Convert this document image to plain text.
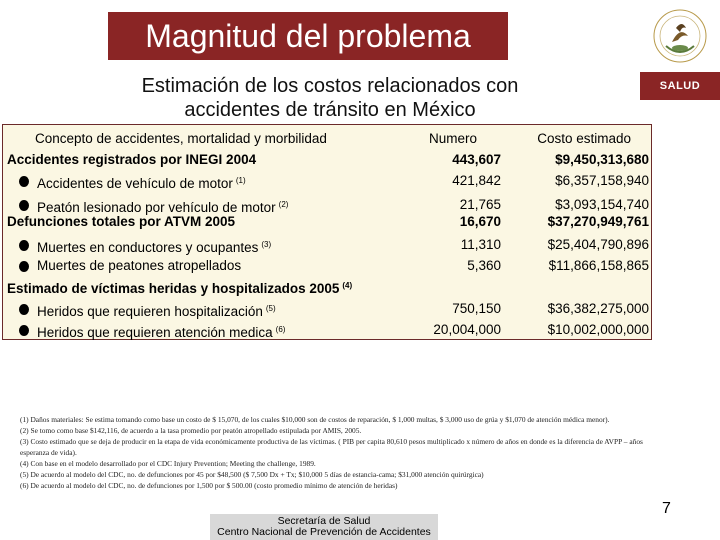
SALUD
Magnitud del problema
Estimación de los costos relacionados con
accidentes de tránsito en México
Concepto de accidentes, mortalidad y morbilidad	Numero	Costo estimado
Accidentes registrados por INEGI 2004	443,607	$9,450,313,680
Accidentes de vehículo de motor $^{(1)}$	421,842	$6,357,158,940
Peatón lesionado por vehículo de motor $^{(2)}$	21,765	$3,093,154,740
Defunciones totales por ATVM 2005	16,670	$37,270,949,761
Muertes en conductores y ocupantes $^{(3)}$	11,310	$25,404,790,896
Muertes de peatones atropellados	5,360	$11,866,158,865
Estimado de víctimas heridas y hospitalizados 2005 $^{(4)}$
Heridos que requieren hospitalización $^{(5)}$	750,150	$36,382,275,000
Heridos que requieren atención medica $^{(6)}$	20,004,000	$10,002,000,000

(1) Daños materiales: Se estima tomando como base un costo de $ 15,070, de los cuales $10,000 son de costos de reparación, $ 1,000 multas, $ 3,000 uso de grúa y $1,070 de atención médica menor).

(2) Se tomo como base $142,116, de acuerdo a la tasa promedio por peatón atropellado estipulada por AMIS, 2005.

(3) Costo estimado que se deja de producir en la etapa de vida económicamente productiva de las víctimas. ( PIB per capita 80,610 pesos multiplicado x número de años en donde es la diferencia de AVPP – años esperanza de vida).

(4) Con base en el modelo desarrollado por el CDC Injury Prevention; Meeting the challenge, 1989.

(5) De acuerdo al modelo del CDC, no. de defunciones por 45 por $48,500 ($ 7,500 Dx + Tx; $10,000 5 días de estancia-cama; $31,000 atención quirúrgica)

(6) De acuerdo al modelo del CDC, no. de defunciones por 1,500 por $ 500.00 (costo promedio mínimo de atención de heridas)

7
Secretaría de Salud
Centro Nacional de Prevención de Accidentes
